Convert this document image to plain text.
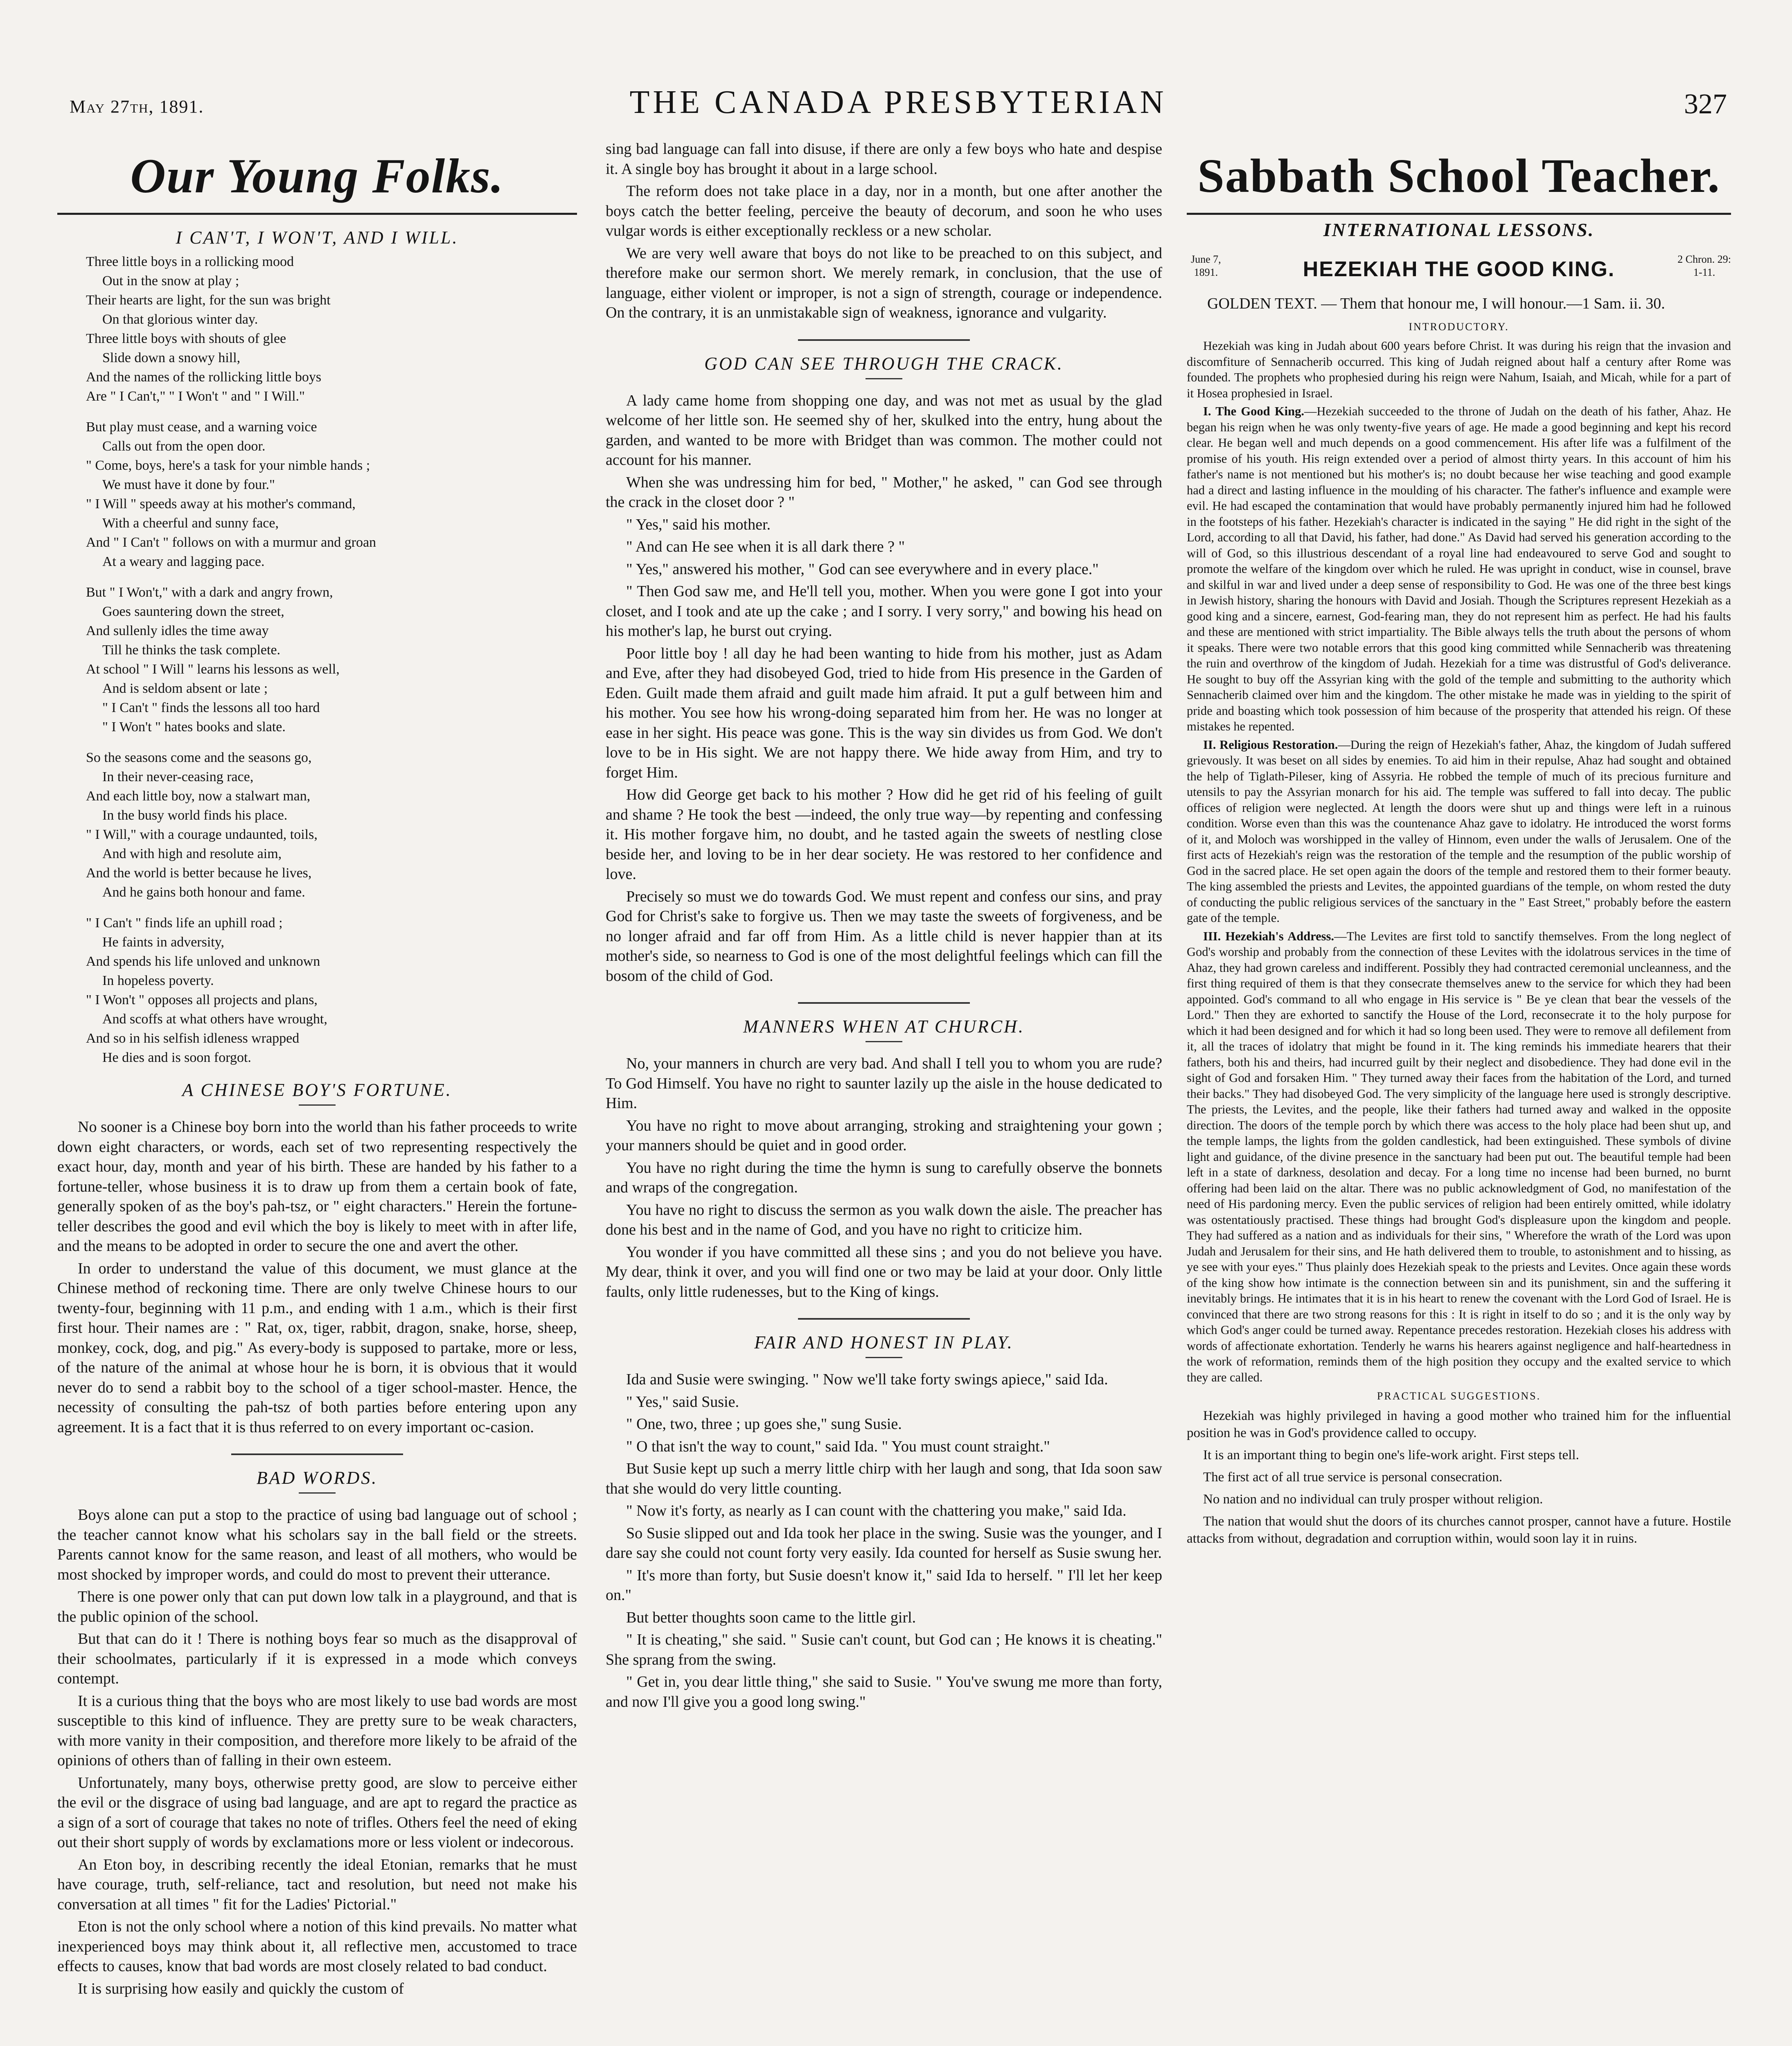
May 27th, 1891.	THE CANADA PRESBYTERIAN	327
Our Young Folks.
I CAN'T, I WON'T, AND I WILL.
Three little boys in a rollicking mood
Out in the snow at play ;
Their hearts are light, for the sun was bright
On that glorious winter day.
Three little boys with shouts of glee
Slide down a snowy hill,
And the names of the rollicking little boys
Are " I Can't," " I Won't " and " I Will."
But play must cease, and a warning voice
Calls out from the open door.
" Come, boys, here's a task for your nimble hands ;
We must have it done by four."
" I Will " speeds away at his mother's command,
With a cheerful and sunny face,
And " I Can't " follows on with a murmur and groan
At a weary and lagging pace.
But " I Won't," with a dark and angry frown,
Goes sauntering down the street,
And sullenly idles the time away
Till he thinks the task complete.
At school " I Will " learns his lessons as well,
And is seldom absent or late ;
" I Can't " finds the lessons all too hard
" I Won't " hates books and slate.
So the seasons come and the seasons go,
In their never-ceasing race,
And each little boy, now a stalwart man,
In the busy world finds his place.
" I Will," with a courage undaunted, toils,
And with high and resolute aim,
And the world is better because he lives,
And he gains both honour and fame.
" I Can't " finds life an uphill road ;
He faints in adversity,
And spends his life unloved and unknown
In hopeless poverty.
" I Won't " opposes all projects and plans,
And scoffs at what others have wrought,
And so in his selfish idleness wrapped
He dies and is soon forgot.
A CHINESE BOY'S FORTUNE.

No sooner is a Chinese boy born into the world than his father proceeds to write down eight characters, or words, each set of two representing respectively the exact hour, day, month and year of his birth. These are handed by his father to a fortune-teller, whose business it is to draw up from them a certain book of fate, generally spoken of as the boy's pah-tsz, or " eight characters." Herein the fortune-teller describes the good and evil which the boy is likely to meet with in after life, and the means to be adopted in order to secure the one and avert the other.

In order to understand the value of this document, we must glance at the Chinese method of reckoning time. There are only twelve Chinese hours to our twenty-four, beginning with 11 p.m., and ending with 1 a.m., which is their first first hour. Their names are : " Rat, ox, tiger, rabbit, dragon, snake, horse, sheep, monkey, cock, dog, and pig." As every-body is supposed to partake, more or less, of the nature of the animal at whose hour he is born, it is obvious that it would never do to send a rabbit boy to the school of a tiger school-master. Hence, the necessity of consulting the pah-tsz of both parties before entering upon any agreement. It is a fact that it is thus referred to on every important oc-casion.

BAD WORDS.

Boys alone can put a stop to the practice of using bad language out of school ; the teacher cannot know what his scholars say in the ball field or the streets. Parents cannot know for the same reason, and least of all mothers, who would be most shocked by improper words, and could do most to prevent their utterance.

There is one power only that can put down low talk in a playground, and that is the public opinion of the school.

But that can do it ! There is nothing boys fear so much as the disapproval of their schoolmates, particularly if it is expressed in a mode which conveys contempt.

It is a curious thing that the boys who are most likely to use bad words are most susceptible to this kind of influence. They are pretty sure to be weak characters, with more vanity in their composition, and therefore more likely to be afraid of the opinions of others than of falling in their own esteem.

Unfortunately, many boys, otherwise pretty good, are slow to perceive either the evil or the disgrace of using bad language, and are apt to regard the practice as a sign of a sort of courage that takes no note of trifles. Others feel the need of eking out their short supply of words by exclamations more or less violent or indecorous.

An Eton boy, in describing recently the ideal Etonian, remarks that he must have courage, truth, self-reliance, tact and resolution, but need not make his conversation at all times " fit for the Ladies' Pictorial."

Eton is not the only school where a notion of this kind prevails. No matter what inexperienced boys may think about it, all reflective men, accustomed to trace effects to causes, know that bad words are most closely related to bad conduct.

It is surprising how easily and quickly the custom of

sing bad language can fall into disuse, if there are only a few boys who hate and despise it. A single boy has brought it about in a large school.

The reform does not take place in a day, nor in a month, but one after another the boys catch the better feeling, perceive the beauty of decorum, and soon he who uses vulgar words is either exceptionally reckless or a new scholar.

We are very well aware that boys do not like to be preached to on this subject, and therefore make our sermon short. We merely remark, in conclusion, that the use of language, either violent or improper, is not a sign of strength, courage or independence. On the contrary, it is an unmistakable sign of weakness, ignorance and vulgarity.

GOD CAN SEE THROUGH THE CRACK.

A lady came home from shopping one day, and was not met as usual by the glad welcome of her little son. He seemed shy of her, skulked into the entry, hung about the garden, and wanted to be more with Bridget than was common. The mother could not account for his manner.

When she was undressing him for bed, " Mother," he asked, " can God see through the crack in the closet door ? "

" Yes," said his mother.

" And can He see when it is all dark there ? "

" Yes," answered his mother, " God can see everywhere and in every place."

" Then God saw me, and He'll tell you, mother. When you were gone I got into your closet, and I took and ate up the cake ; and I sorry. I very sorry," and bowing his head on his mother's lap, he burst out crying.

Poor little boy ! all day he had been wanting to hide from his mother, just as Adam and Eve, after they had disobeyed God, tried to hide from His presence in the Garden of Eden. Guilt made them afraid and guilt made him afraid. It put a gulf between him and his mother. You see how his wrong-doing separated him from her. He was no longer at ease in her sight. His peace was gone. This is the way sin divides us from God. We don't love to be in His sight. We are not happy there. We hide away from Him, and try to forget Him.

How did George get back to his mother ? How did he get rid of his feeling of guilt and shame ? He took the best —indeed, the only true way—by repenting and confessing it. His mother forgave him, no doubt, and he tasted again the sweets of nestling close beside her, and loving to be in her dear society. He was restored to her confidence and love.

Precisely so must we do towards God. We must repent and confess our sins, and pray God for Christ's sake to forgive us. Then we may taste the sweets of forgiveness, and be no longer afraid and far off from Him. As a little child is never happier than at its mother's side, so nearness to God is one of the most delightful feelings which can fill the bosom of the child of God.

MANNERS WHEN AT CHURCH.

No, your manners in church are very bad. And shall I tell you to whom you are rude? To God Himself. You have no right to saunter lazily up the aisle in the house dedicated to Him.

You have no right to move about arranging, stroking and straightening your gown ; your manners should be quiet and in good order.

You have no right during the time the hymn is sung to carefully observe the bonnets and wraps of the congregation.

You have no right to discuss the sermon as you walk down the aisle. The preacher has done his best and in the name of God, and you have no right to criticize him.

You wonder if you have committed all these sins ; and you do not believe you have. My dear, think it over, and you will find one or two may be laid at your door. Only little faults, only little rudenesses, but to the King of kings.

FAIR AND HONEST IN PLAY.

Ida and Susie were swinging. " Now we'll take forty swings apiece," said Ida.

" Yes," said Susie.

" One, two, three ; up goes she," sung Susie.

" O that isn't the way to count," said Ida. " You must count straight."

But Susie kept up such a merry little chirp with her laugh and song, that Ida soon saw that she would do very little counting.

" Now it's forty, as nearly as I can count with the chattering you make," said Ida.

So Susie slipped out and Ida took her place in the swing. Susie was the younger, and I dare say she could not count forty very easily. Ida counted for herself as Susie swung her.

" It's more than forty, but Susie doesn't know it," said Ida to herself. " I'll let her keep on."

But better thoughts soon came to the little girl.

" It is cheating," she said. " Susie can't count, but God can ; He knows it is cheating." She sprang from the swing.

" Get in, you dear little thing," she said to Susie. " You've swung me more than forty, and now I'll give you a good long swing."

Sabbath School Teacher.
INTERNATIONAL LESSONS.
June 7,
1891.	HEZEKIAH THE GOOD KING.	2 Chron. 29:
1-11.

GOLDEN TEXT. — Them that honour me, I will honour.—1 Sam. ii. 30.

INTRODUCTORY.

Hezekiah was king in Judah about 600 years before Christ. It was during his reign that the invasion and discomfiture of Sennacherib occurred. This king of Judah reigned about half a century after Rome was founded. The prophets who prophesied during his reign were Nahum, Isaiah, and Micah, while for a part of it Hosea prophesied in Israel.

I. The Good King.—Hezekiah succeeded to the throne of Judah on the death of his father, Ahaz. He began his reign when he was only twenty-five years of age. He made a good beginning and kept his record clear. He began well and much depends on a good commencement. His after life was a fulfilment of the promise of his youth. His reign extended over a period of almost thirty years. In this account of him his father's name is not mentioned but his mother's is; no doubt because her wise teaching and good example had a direct and lasting influence in the moulding of his character. The father's influence and example were evil. He had escaped the contamination that would have probably permanently injured him had he followed in the footsteps of his father. Hezekiah's character is indicated in the saying " He did right in the sight of the Lord, according to all that David, his father, had done." As David had served his generation according to the will of God, so this illustrious descendant of a royal line had endeavoured to serve God and sought to promote the welfare of the kingdom over which he ruled. He was upright in conduct, wise in counsel, brave and skilful in war and lived under a deep sense of responsibility to God. He was one of the three best kings in Jewish history, sharing the honours with David and Josiah. Though the Scriptures represent Hezekiah as a good king and a sincere, earnest, God-fearing man, they do not represent him as perfect. He had his faults and these are mentioned with strict impartiality. The Bible always tells the truth about the persons of whom it speaks. There were two notable errors that this good king committed while Sennacherib was threatening the ruin and overthrow of the kingdom of Judah. Hezekiah for a time was distrustful of God's deliverance. He sought to buy off the Assyrian king with the gold of the temple and submitting to the authority which Sennacherib claimed over him and the kingdom. The other mistake he made was in yielding to the spirit of pride and boasting which took possession of him because of the prosperity that attended his reign. Of these mistakes he repented.

II. Religious Restoration.—During the reign of Hezekiah's father, Ahaz, the kingdom of Judah suffered grievously. It was beset on all sides by enemies. To aid him in their repulse, Ahaz had sought and obtained the help of Tiglath-Pileser, king of Assyria. He robbed the temple of much of its precious furniture and utensils to pay the Assyrian monarch for his aid. The temple was suffered to fall into decay. The public offices of religion were neglected. At length the doors were shut up and things were left in a ruinous condition. Worse even than this was the countenance Ahaz gave to idolatry. He introduced the worst forms of it, and Moloch was worshipped in the valley of Hinnom, even under the walls of Jerusalem. One of the first acts of Hezekiah's reign was the restoration of the temple and the resumption of the public worship of God in the sacred place. He set open again the doors of the temple and restored them to their former beauty. The king assembled the priests and Levites, the appointed guardians of the temple, on whom rested the duty of conducting the public religious services of the sanctuary in the " East Street," probably before the eastern gate of the temple.

III. Hezekiah's Address.—The Levites are first told to sanctify themselves. From the long neglect of God's worship and probably from the connection of these Levites with the idolatrous services in the time of Ahaz, they had grown careless and indifferent. Possibly they had contracted ceremonial uncleanness, and the first thing required of them is that they consecrate themselves anew to the service for which they had been appointed. God's command to all who engage in His service is " Be ye clean that bear the vessels of the Lord." Then they are exhorted to sanctify the House of the Lord, reconsecrate it to the holy purpose for which it had been designed and for which it had so long been used. They were to remove all defilement from it, all the traces of idolatry that might be found in it. The king reminds his immediate hearers that their fathers, both his and theirs, had incurred guilt by their neglect and disobedience. They had done evil in the sight of God and forsaken Him. " They turned away their faces from the habitation of the Lord, and turned their backs." They had disobeyed God. The very simplicity of the language here used is strongly descriptive. The priests, the Levites, and the people, like their fathers had turned away and walked in the opposite direction. The doors of the temple porch by which there was access to the holy place had been shut up, and the temple lamps, the lights from the golden candlestick, had been extinguished. These symbols of divine light and guidance, of the divine presence in the sanctuary had been put out. The beautiful temple had been left in a state of darkness, desolation and decay. For a long time no incense had been burned, no burnt offering had been laid on the altar. There was no public acknowledgment of God, no manifestation of the need of His pardoning mercy. Even the public services of religion had been entirely omitted, while idolatry was ostentatiously practised. These things had brought God's displeasure upon the kingdom and people. They had suffered as a nation and as individuals for their sins, " Wherefore the wrath of the Lord was upon Judah and Jerusalem for their sins, and He hath delivered them to trouble, to astonishment and to hissing, as ye see with your eyes." Thus plainly does Hezekiah speak to the priests and Levites. Once again these words of the king show how intimate is the connection between sin and its punishment, sin and the suffering it inevitably brings. He intimates that it is in his heart to renew the covenant with the Lord God of Israel. He is convinced that there are two strong reasons for this : It is right in itself to do so ; and it is the only way by which God's anger could be turned away. Repentance precedes restoration. Hezekiah closes his address with words of affectionate exhortation. Tenderly he warns his hearers against negligence and half-heartedness in the work of reformation, reminds them of the high position they occupy and the exalted service to which they are called.

PRACTICAL SUGGESTIONS.

Hezekiah was highly privileged in having a good mother who trained him for the influential position he was in God's providence called to occupy.

It is an important thing to begin one's life-work aright. First steps tell.

The first act of all true service is personal consecration.

No nation and no individual can truly prosper without religion.

The nation that would shut the doors of its churches cannot prosper, cannot have a future. Hostile attacks from without, degradation and corruption within, would soon lay it in ruins.
